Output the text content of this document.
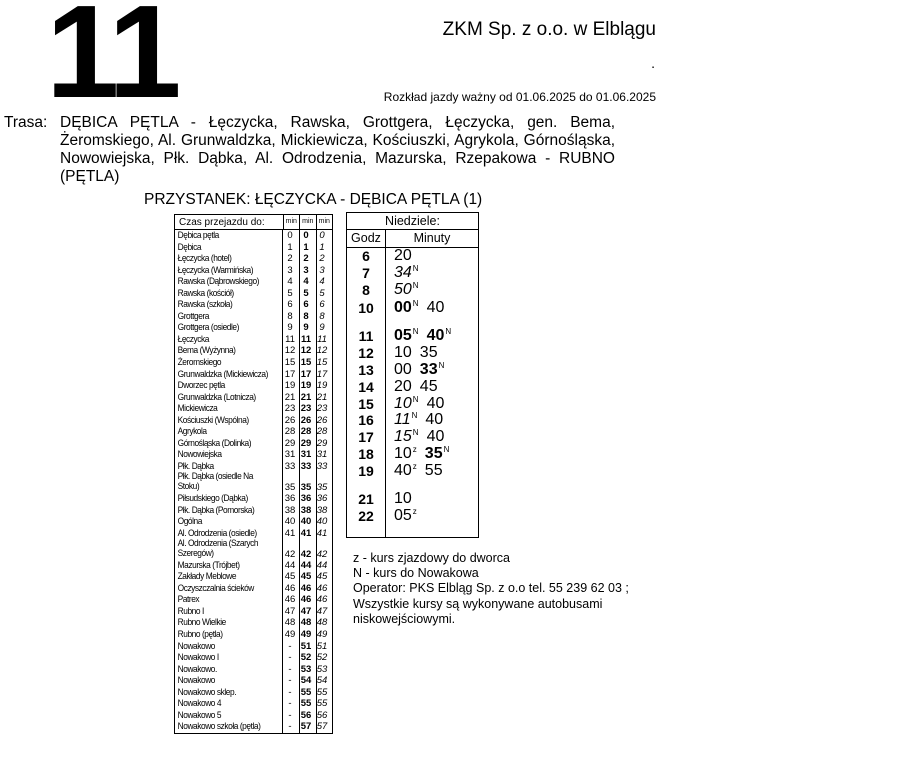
11	ZKM Sp. z o.o. w Elblągu
.
Rozkład jazdy ważny od 01.06.2025 do 01.06.2025
Trasa: DĘBICA PĘTLA - Łęczycka, Rawska, Grottgera, Łęczycka, gen. Bema, Żeromskiego, Al. Grunwaldzka, Mickiewicza, Kościuszki, Agrykola, Górnośląska, Nowowiejska, Płk. Dąbka, Al. Odrodzenia, Mazurska, Rzepakowa - RUBNO (PĘTLA)
PRZYSTANEK: ŁĘCZYCKA - DĘBICA PĘTLA (1)
Czas przejazdu do:	min min min
Dębica pętla	0	0	0
Dębica	1	1	1
Łęczycka (hotel)	2	2	2
Łęczycka (Warmińska)	3	3	3
Rawska (Dąbrowskiego)	4	4	4
Rawska (kościół)	5	5	5
Rawska (szkoła)	6	6	6
Grottgera	8	8	8
Grottgera (osiedle)	9	9	9
Łęczycka	11 11 11
Bema (Wyżynna)	12 12 12
Żeromskiego	15 15 15
Grunwaldzka (Mickiewicza) 17 17 17
Dworzec pętla	19 19 19
Grunwaldzka (Lotnicza)	21 21 21
Mickiewicza	23 23 23
Kościuszki (Wspólna)	26 26 26
Agrykola	28 28 28
Górnośląska (Dolinka)	29 29 29
Nowowiejska	31 31 31
Płk. Dąbka	33 33 33
Płk. Dąbka (osiedle Na Stoku)	35 35 35
Piłsudskiego (Dąbka)	36 36 36
Płk. Dąbka (Pomorska)	38 38 38
Ogólna	40 40 40
Al. Odrodzenia (osiedle)	41 41 41
Al. Odrodzenia (Szarych Szeregów)	42 42 42
Mazurska (Trójbet)	44 44 44
Zakłady Meblowe	45 45 45
Oczyszczalnia ścieków	46 46 46
Patrex	46 46 46
Rubno I	47 47 47
Rubno Wielkie	48 48 48
Rubno (pętla)	49 49 49
Nowakowo	- 51 51
Nowakowo I	- 52 52
Nowakowo.	- 53 53
Nowakowo	- 54 54
Nowakowo sklep.	- 55 55
Nowakowo 4	- 55 55
Nowakowo 5	- 56 56
Nowakowo szkoła (pętla)	- 57 57
Niedziele:
Godz	Minuty
6	20
7	$34^N$
8	$50^N$
10	$00^N$ 40
11	$05^N$ $40^N$
12	10 35
13	00 $33^N$
14	20 45
15	$10^N$ 40
16	$11^N$ 40
17	$15^N$ 40
18	10$^z$ $35^N$
19	40$^z$ 55
21	10
22	05$^z$
z - kurs zjazdowy do dworca
N - kurs do Nowakowa
Operator: PKS Elbląg Sp. z o.o tel. 55 239 62 03 ;
Wszystkie kursy są wykonywane autobusami
niskowejściowymi.
